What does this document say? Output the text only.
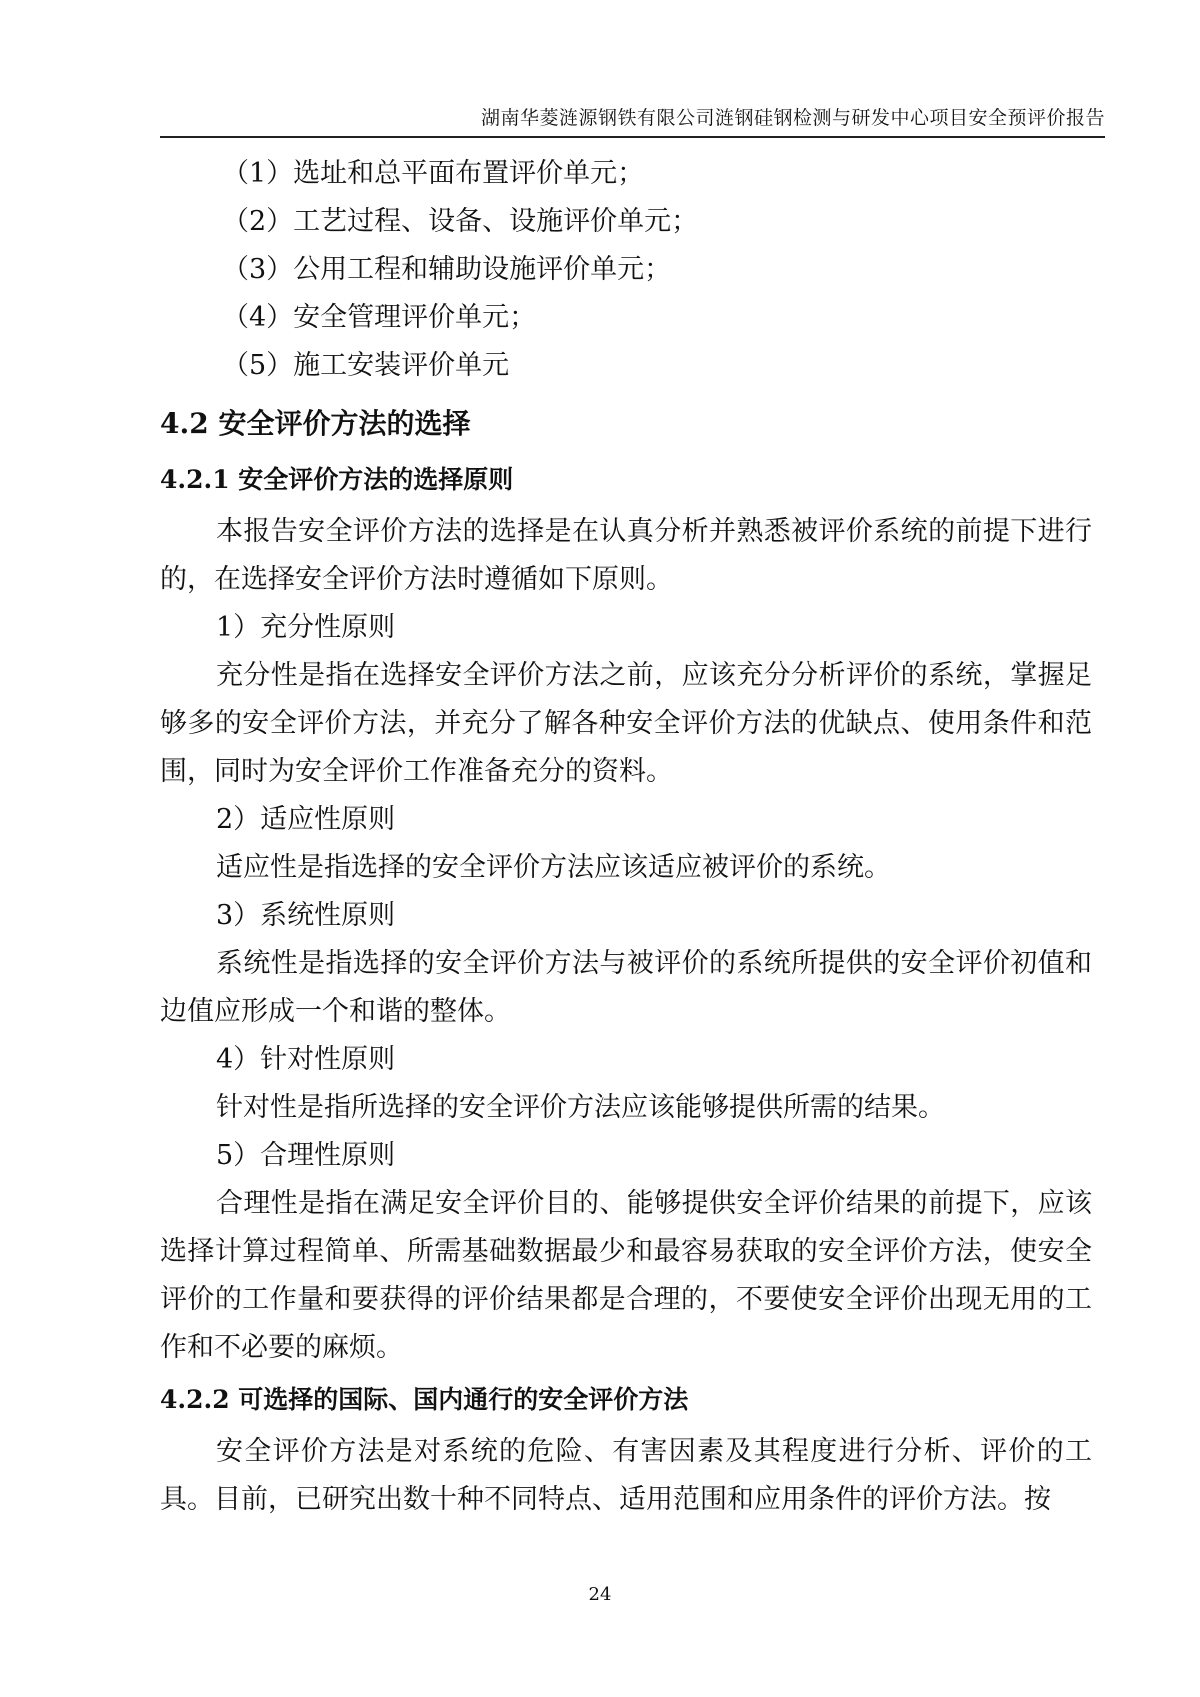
湖南华菱涟源钢铁有限公司涟钢硅钢检测与研发中心项目安全预评价报告
（1）选址和总平面布置评价单元；
（2）工艺过程、设备、设施评价单元；
（3）公用工程和辅助设施评价单元；
（4）安全管理评价单元；
（5）施工安装评价单元
4.2 安全评价方法的选择
4.2.1 安全评价方法的选择原则

本报告安全评价方法的选择是在认真分析并熟悉被评价系统的前提下进行的，在选择安全评价方法时遵循如下原则。

1）充分性原则

充分性是指在选择安全评价方法之前，应该充分分析评价的系统，掌握足够多的安全评价方法，并充分了解各种安全评价方法的优缺点、使用条件和范围，同时为安全评价工作准备充分的资料。

2）适应性原则

适应性是指选择的安全评价方法应该适应被评价的系统。

3）系统性原则

系统性是指选择的安全评价方法与被评价的系统所提供的安全评价初值和边值应形成一个和谐的整体。

4）针对性原则

针对性是指所选择的安全评价方法应该能够提供所需的结果。

5）合理性原则

合理性是指在满足安全评价目的、能够提供安全评价结果的前提下，应该选择计算过程简单、所需基础数据最少和最容易获取的安全评价方法，使安全评价的工作量和要获得的评价结果都是合理的，不要使安全评价出现无用的工作和不必要的麻烦。

4.2.2 可选择的国际、国内通行的安全评价方法

安全评价方法是对系统的危险、有害因素及其程度进行分析、评价的工具。目前，已研究出数十种不同特点、适用范围和应用条件的评价方法。按

24
